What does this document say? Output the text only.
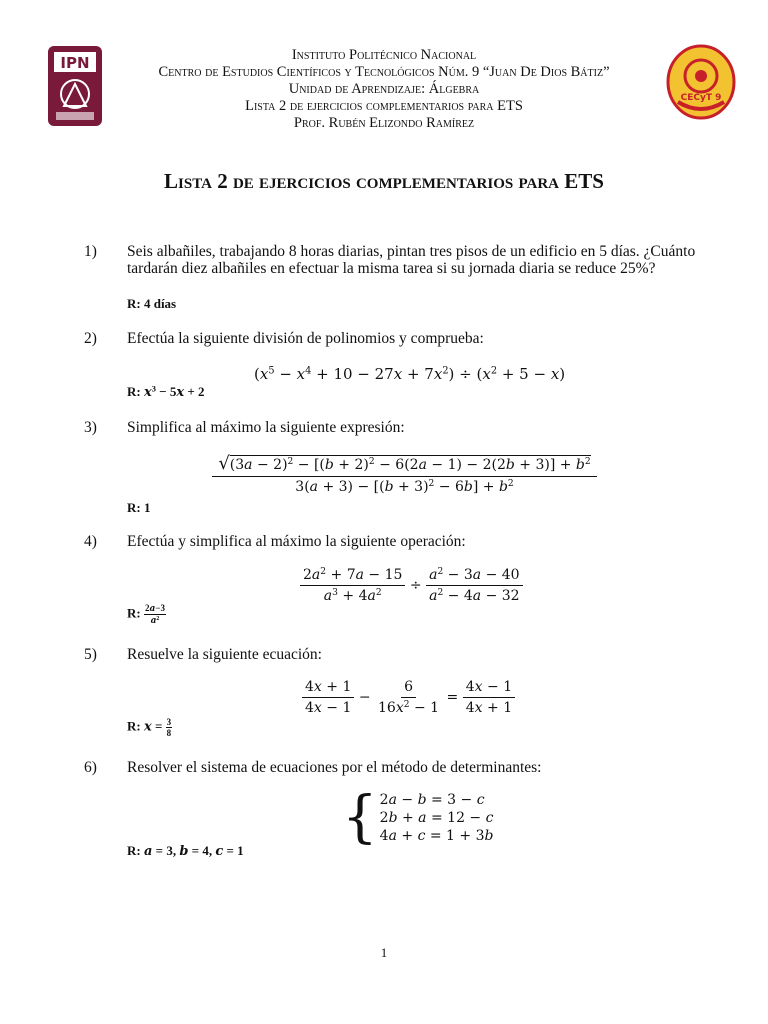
IPN
CECyT 9
Instituto Politécnico Nacional
Centro de Estudios Científicos y Tecnológicos Núm. 9 “Juan De Dios Bátiz”
Unidad de Aprendizaje: Álgebra
Lista 2 de ejercicios complementarios para ETS
Prof. Rubén Elizondo Ramírez
Lista 2 de ejercicios complementarios para ETS
1) Seis albañiles, trabajando 8 horas diarias, pintan tres pisos de un edificio en 5 días. ¿Cuánto tardarán diez albañiles en efectuar la misma tarea si su jornada diaria se reduce 25%?
R: 4 días
2) Efectúa la siguiente división de polinomios y comprueba:
$(x^5 - x^4 + 10 - 27x + 7x^2) \div (x^2 + 5 - x)$
R: $x^3 - 5x + 2$
3) Simplifica al máximo la siguiente expresión:
$√(3a - 2)^2 - [(b + 2)^2 - 6(2a - 1) - 2(2b + 3)] + b^2$
$3(a + 3) - [(b + 3)^2 - 6b] + b^2$
R: 1
4) Efectúa y simplifica al máximo la siguiente operación:
$\frac{2a^2 + 7a - 15}{a^3 + 4a^2} \div \frac{a^2 - 3a - 40}{a^2 - 4a - 32}$
R: $\frac{2a-3}{a^2}$
5) Resuelve la siguiente ecuación:
$\frac{4x + 1}{4x - 1} - \frac{6}{16x^2 - 1} = \frac{4x - 1}{4x + 1}$
R: $x = \frac{3}{8}$
6) Resolver el sistema de ecuaciones por el método de determinantes:
{ 2a − b = 3 − c
2b + a = 12 − c
4a + c = 1 + 3b
R: a = 3, b = 4, c = 1
1
